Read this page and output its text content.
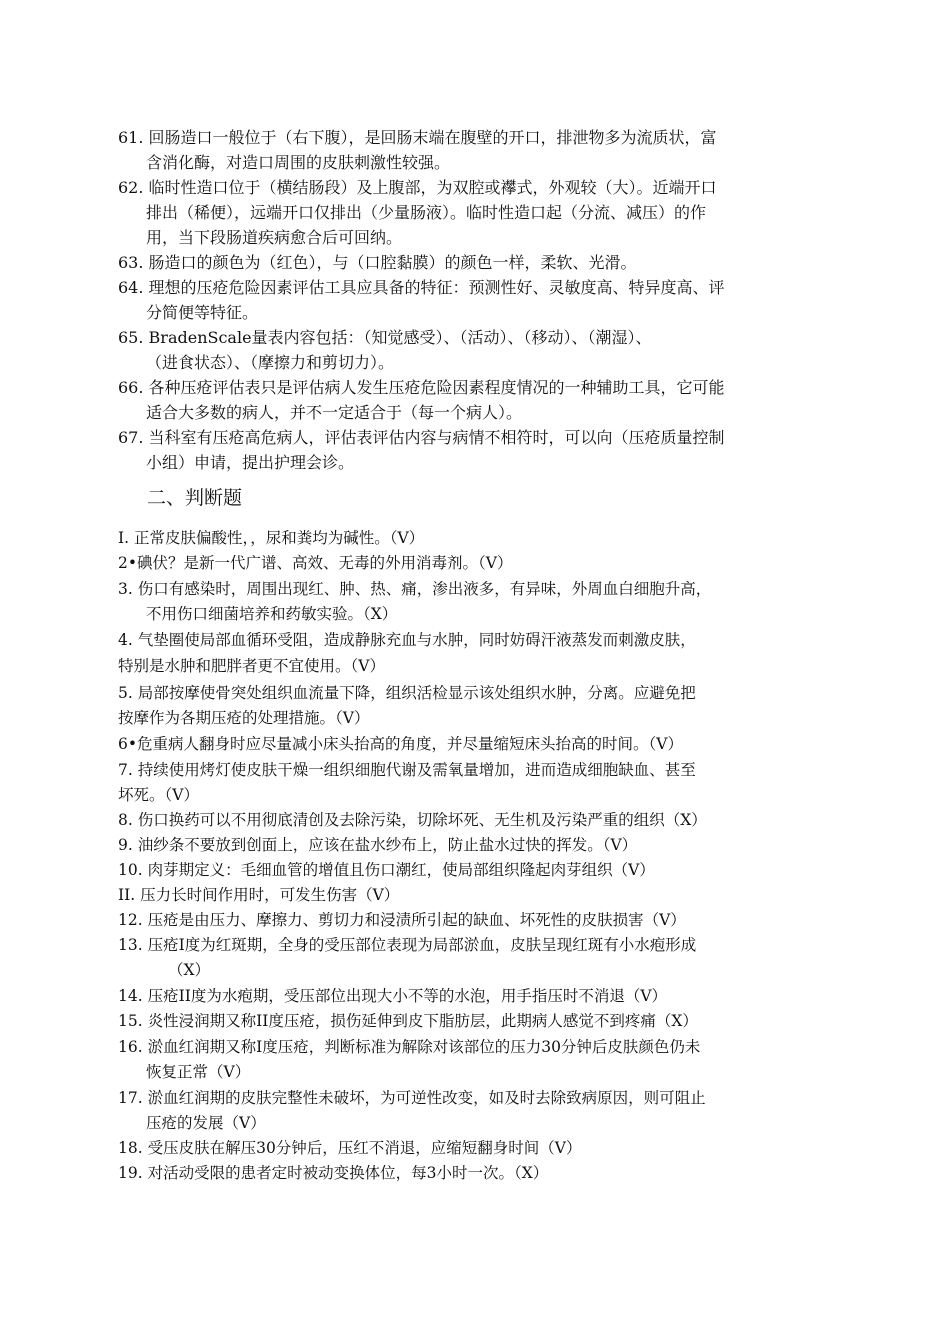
61. 回肠造口一般位于（右下腹），是回肠末端在腹壁的开口，排泄物多为流质状，富
含消化酶，对造口周围的皮肤刺激性较强。
62. 临时性造口位于（横结肠段）及上腹部，为双腔或襻式，外观较（大）。近端开口
排出（稀便），远端开口仅排出（少量肠液）。临时性造口起（分流、减压）的作
用，当下段肠道疾病愈合后可回纳。
63. 肠造口的颜色为（红色），与（口腔黏膜）的颜色一样，柔软、光滑。
64. 理想的压疮危险因素评估工具应具备的特征：预测性好、灵敏度高、特异度高、评
分简便等特征。
65. BradenScale量表内容包括：（知觉感受）、（活动）、（移动）、（潮湿）、
（进食状态）、（摩擦力和剪切力）。
66. 各种压疮评估表只是评估病人发生压疮危险因素程度情况的一种辅助工具，它可能
适合大多数的病人，并不一定适合于（每一个病人）。
67. 当科室有压疮高危病人，评估表评估内容与病情不相符时，可以向（压疮质量控制
小组）申请，提出护理会诊。
二、判断题
I. 正常皮肤偏酸性，，尿和粪均为碱性。（V）
2•碘伏？是新一代广谱、高效、无毒的外用消毒剂。（V）
3. 伤口有感染时，周围出现红、肿、热、痛，渗出液多，有异味，外周血白细胞升高，
不用伤口细菌培养和药敏实验。（X）
4. 气垫圈使局部血循环受阻，造成静脉充血与水肿，同时妨碍汗液蒸发而刺激皮肤，
特别是水肿和肥胖者更不宜使用。（V）
5. 局部按摩使骨突处组织血流量下降，组织活检显示该处组织水肿，分离。应避免把
按摩作为各期压疮的处理措施。（V）
6•危重病人翻身时应尽量减小床头抬高的角度，并尽量缩短床头抬高的时间。（V）
7. 持续使用烤灯使皮肤干燥一组织细胞代谢及需氧量增加，进而造成细胞缺血、甚至
坏死。（V）
8. 伤口换药可以不用彻底清创及去除污染，切除坏死、无生机及污染严重的组织（X）
9. 油纱条不要放到创面上，应该在盐水纱布上，防止盐水过快的挥发。（V）
10. 肉芽期定义：毛细血管的增值且伤口潮红，使局部组织隆起肉芽组织（V）
II. 压力长时间作用时，可发生伤害（V）
12. 压疮是由压力、摩擦力、剪切力和浸渍所引起的缺血、坏死性的皮肤损害（V）
13. 压疮I度为红斑期，全身的受压部位表现为局部淤血，皮肤呈现红斑有小水疱形成
（X）
14. 压疮II度为水疱期，受压部位出现大小不等的水泡，用手指压时不消退（V）
15. 炎性浸润期又称II度压疮，损伤延伸到皮下脂肪层，此期病人感觉不到疼痛（X）
16. 淤血红润期又称Ⅰ度压疮，判断标准为解除对该部位的压力30分钟后皮肤颜色仍未
恢复正常（V）
17. 淤血红润期的皮肤完整性未破坏，为可逆性改变，如及时去除致病原因，则可阻止
压疮的发展（V）
18. 受压皮肤在解压30分钟后，压红不消退，应缩短翻身时间（V）
19. 对活动受限的患者定时被动变换体位，每3小时一次。（X）
